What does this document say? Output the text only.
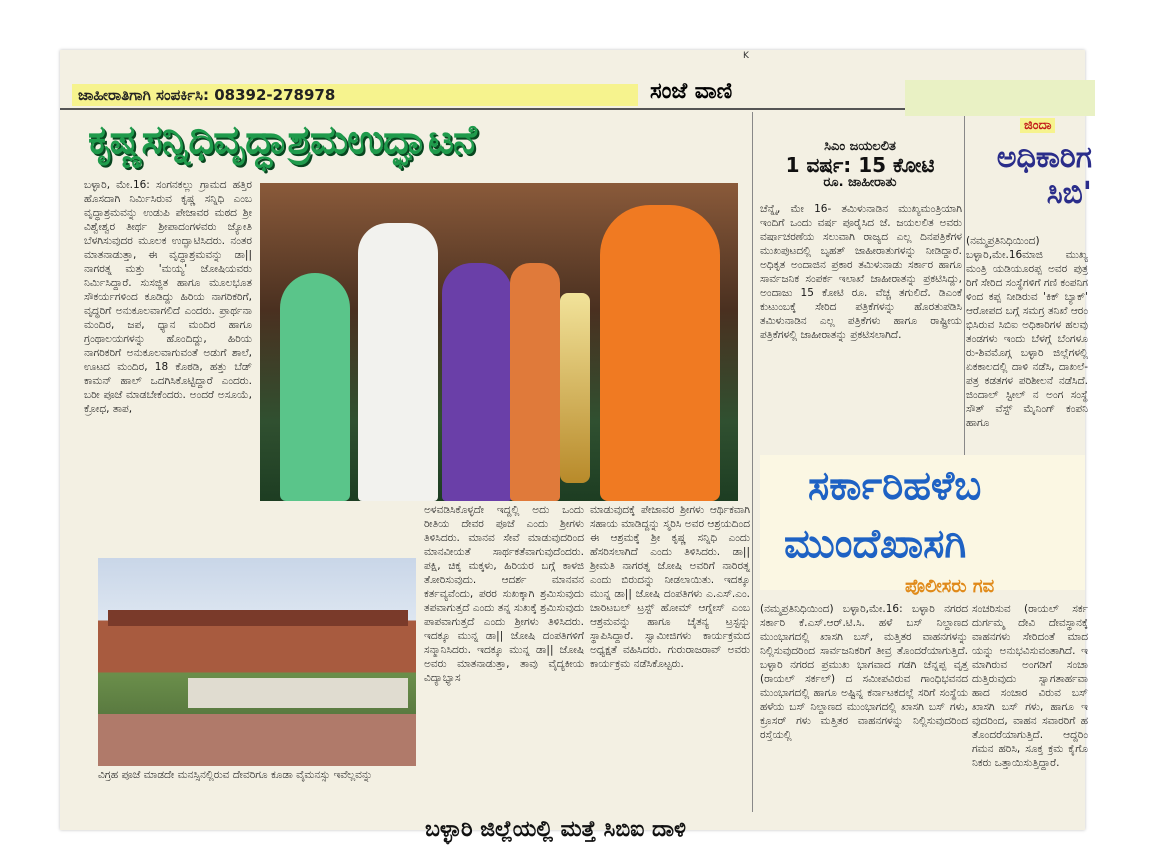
K
ಜಾಹೀರಾತಿಗಾಗಿ ಸಂಪರ್ಕಿಸಿ: 08392-278978	ಸಂಜೆ ವಾಣಿ
ಕೃಷ್ಣಸನ್ನಿಧಿವೃದ್ಧಾಶ್ರಮಉದ್ಘಾಟನೆ
ಬಳ್ಳಾರಿ, ಮೇ.16: ಸಂಗನಕಲ್ಲು ಗ್ರಾಮದ ಹತ್ತಿರ ಹೊಸದಾಗಿ ನಿರ್ಮಿಸಿರುವ ಕೃಷ್ಣ ಸನ್ನಿಧಿ ಎಂಬ ವೃದ್ಧಾಶ್ರಮವನ್ನು ಉಡುಪಿ ಪೇಜಾವರ ಮಠದ ಶ್ರೀ ವಿಶ್ವೇಶ್ವರ ತೀರ್ಥ ಶ್ರೀಪಾದಂಗಳವರು ಜ್ಯೋತಿ ಬೆಳಗಿಸುವುದರ ಮೂಲಕ ಉದ್ಘಾಟಿಸಿದರು. ನಂತರ ಮಾತನಾಡುತ್ತಾ, ಈ ವೃದ್ಧಾಶ್ರಮವನ್ನು ಡಾ|| ನಾಗರತ್ನ ಮತ್ತು 'ಮಯ್ಯ' ಜೋಷಿಯವರು ನಿರ್ಮಿಸಿದ್ದಾರೆ. ಸುಸಜ್ಜಿತ ಹಾಗೂ ಮೂಲಭೂತ ಸೌಕರ್ಯಗಳಿಂದ ಕೂಡಿದ್ದು ಹಿರಿಯ ನಾಗರಿಕರಿಗೆ, ವೃದ್ಧರಿಗೆ ಅನುಕೂಲವಾಗಲಿದೆ ಎಂದರು. ಪ್ರಾರ್ಥನಾ ಮಂದಿರ, ಜಪ, ಧ್ಯಾನ ಮಂದಿರ ಹಾಗೂ ಗ್ರಂಥಾಲಯಗಳನ್ನು ಹೊಂದಿದ್ದು, ಹಿರಿಯ ನಾಗರಿಕರಿಗೆ ಅನುಕೂಲವಾಗುವಂತೆ ಅಡುಗೆ ಶಾಲೆ, ಊಟದ ಮಂದಿರ, 18 ಕೊಠಡಿ, ಹತ್ತು ಬೆಡ್ ಕಾಮನ್ ಹಾಲ್ ಒದಗಿಸಿಕೊಟ್ಟಿದ್ದಾರೆ ಎಂದರು. ಬರೀ ಪೂಜೆ ಮಾಡಬೇಕೆಂದರು. ಅಂದರೆ ಅಸೂಯೆ, ಕ್ರೋಧ, ತಾಪ,
ವಿಗ್ರಹ ಪೂಜೆ ಮಾಡದೇ ಮನಸ್ಸಿನಲ್ಲಿರುವ ದೇವರಿಗೂ ಕೂಡಾ ವೈಮನಸ್ಸು ಇವೆಲ್ಲವನ್ನು
ಅಳವಡಿಸಿಕೊಳ್ಳದೇ ಇದ್ದಲ್ಲಿ ಅದು ಒಂದು ರೀತಿಯ ದೇವರ ಪೂಜೆ ಎಂದು ಶ್ರೀಗಳು ತಿಳಿಸಿದರು. ಮಾನವ ಸೇವೆ ಮಾಡುವುದರಿಂದ ಮಾನವೀಯತೆ ಸಾರ್ಥಕತೆವಾಗುವುದೆಂದರು. ಪಕ್ಷಿ, ಚಿಕ್ಕ ಮಕ್ಕಳು, ಹಿರಿಯರ ಬಗ್ಗೆ ಕಾಳಜಿ ತೋರಿಸುವುದು. ಆದರ್ಶ ಮಾನವನ ಕರ್ತವ್ಯವೆಂದು, ಪರರ ಸುಖಕ್ಕಾಗಿ ಶ್ರಮಿಸುವುದು ತಪವಾಗುತ್ತದೆ ಎಂದು ತನ್ನ ಸುಖಕ್ಕೆ ಶ್ರಮಿಸುವುದು ಪಾಪವಾಗುತ್ತದೆ ಎಂದು ಶ್ರೀಗಳು ತಿಳಿಸಿದರು. ಇದಕ್ಕೂ ಮುನ್ನ ಡಾ|| ಜೋಷಿ ದಂಪತಿಗಳಿಗೆ ಸನ್ಮಾನಿಸಿದರು. ಇದಕ್ಕೂ ಮುನ್ನ ಡಾ|| ಜೋಷಿ ಅವರು ಮಾತನಾಡುತ್ತಾ, ತಾವು ವೈದ್ಯಕೀಯ ವಿದ್ಯಾಭ್ಯಾಸ
ಮಾಡುವುದಕ್ಕೆ ಪೇಜಾವರ ಶ್ರೀಗಳು ಆರ್ಥಿಕವಾಗಿ ಸಹಾಯ ಮಾಡಿದ್ದನ್ನು ಸ್ಮರಿಸಿ ಅವರ ಆಶ್ರಯದಿಂದ ಈ ಆಶ್ರಮಕ್ಕೆ ಶ್ರೀ ಕೃಷ್ಣ ಸನ್ನಿಧಿ ಎಂದು ಹೆಸರಿಸಲಾಗಿದೆ ಎಂದು ತಿಳಿಸಿದರು. ಡಾ|| ಶ್ರೀಮತಿ ನಾಗರತ್ನ ಜೋಷಿ ಅವರಿಗೆ ನಾರಿರತ್ನ ಎಂದು ಬಿರುದನ್ನು ನೀಡಲಾಯಿತು. ಇದಕ್ಕೂ ಮುನ್ನ ಡಾ|| ಜೋಷಿ ದಂಪತಿಗಳು ಎ.ಎಸ್.ಎಂ. ಚಾರಿಟಬಲ್ ಟ್ರಸ್ಟ್ ಹೋಮ್ ಆಗ್ನೇಸ್ ಎಂಬ ಆಶ್ರಮವನ್ನು ಹಾಗೂ ಚೈತನ್ಯ ಟ್ರಸ್ಟನ್ನು ಸ್ಥಾಪಿಸಿದ್ದಾರೆ. ಸ್ವಾಮೀಜಿಗಳು ಕಾರ್ಯಕ್ರಮದ ಅಧ್ಯಕ್ಷತೆ ವಹಿಸಿದರು. ಗುರುರಾಜರಾವ್ ಅವರು ಕಾರ್ಯಕ್ರಮ ನಡೆಸಿಕೊಟ್ಟರು.
ಸಿಎಂ ಜಯಲಲಿತ
1 ವರ್ಷ: 15 ಕೋಟಿ
ರೂ. ಜಾಹೀರಾತು
ಚೆನ್ನೈ, ಮೇ 16- ತಮಿಳುನಾಡಿನ ಮುಖ್ಯಮಂತ್ರಿಯಾಗಿ ಇಂದಿಗೆ ಒಂದು ವರ್ಷ ಪೂರೈಸಿದ ಜೆ. ಜಯಲಲಿತ ಅವರು ವರ್ಷಾಚರಣೆಯ ಸಲುವಾಗಿ ರಾಜ್ಯದ ಎಲ್ಲ ದಿನಪತ್ರಿಕೆಗಳ ಮುಖಪುಟದಲ್ಲಿ ಬೃಹತ್ ಜಾಹೀರಾತುಗಳನ್ನು ನೀಡಿದ್ದಾರೆ. ಅಧಿಕೃತ ಅಂದಾಜಿನ ಪ್ರಕಾರ ತಮಿಳುನಾಡು ಸರ್ಕಾರ ಹಾಗೂ ಸಾರ್ವಜನಿಕ ಸಂಪರ್ಕ ಇಲಾಖೆ ಜಾಹೀರಾತನ್ನು ಪ್ರಕಟಿಸಿದ್ದು, ಅಂದಾಜು 15 ಕೋಟಿ ರೂ. ವೆಚ್ಚ ತಗುಲಿದೆ. ಡಿಎಂಕೆ ಕುಟುಂಬಕ್ಕೆ ಸೇರಿದ ಪತ್ರಿಕೆಗಳನ್ನು ಹೊರತುಪಡಿಸಿ ತಮಿಳುನಾಡಿನ ಎಲ್ಲ ಪತ್ರಿಕೆಗಳು ಹಾಗೂ ರಾಷ್ಟ್ರೀಯ ಪತ್ರಿಕೆಗಳಲ್ಲಿ ಜಾಹೀರಾತನ್ನು ಪ್ರಕಟಿಸಲಾಗಿದೆ.
ಜಿಂದಾ
ಅಧಿಕಾರಿಗ
ಸಿಬಿ'
(ನಮ್ಮಪ್ರತಿನಿಧಿಯಿಂದ) ಬಳ್ಳಾರಿ,ಮೇ.16ಮಾಜಿ ಮುಖ್ಯ ಮಂತ್ರಿ ಯಡಿಯೂರಪ್ಪ ಅವರ ಪುತ್ರ ರಿಗೆ ಸೇರಿದ ಸಂಸ್ಥೆಗಳಿಗೆ ಗಣಿ ಕಂಪನಿಗ ಳಿಂದ ಕಪ್ಪ ನೀಡಿರುವ 'ಕಿಕ್ ಬ್ಯಾಕ್' ಆರೋಪದ ಬಗ್ಗೆ ಸಮಗ್ರ ತನಿಖೆ ಆರಂ ಭಿಸಿರುವ ಸಿಬಿಐ ಅಧಿಕಾರಿಗಳ ಹಲವು ತಂಡಗಳು ಇಂದು ಬೆಳಗ್ಗೆ ಬೆಂಗಳೂ ರು-ಶಿವಮೊಗ್ಗ ಬಳ್ಳಾರಿ ಜಿಲ್ಲೆಗಳಲ್ಲಿ ಏಕಕಾಲದಲ್ಲಿ ದಾಳಿ ನಡೆಸಿ, ದಾಖಲೆ-ಪತ್ರ ಕಡತಗಳ ಪರಿಶೀಲನೆ ನಡೆಸಿದೆ. ಜಿಂದಾಲ್ ಸ್ಟೀಲ್ ನ ಅಂಗ ಸಂಸ್ಥೆ ಸೌತ್ ವೆಸ್ಟ್ ಮೈನಿಂಗ್ ಕಂಪನಿ ಹಾಗೂ
ಸರ್ಕಾರಿಹಳೆಬ
ಮುಂದೆಖಾಸಗಿ
ಪೊಲೀಸರು ಗವ
(ನಮ್ಮಪ್ರತಿನಿಧಿಯಿಂದ) ಬಳ್ಳಾರಿ,ಮೇ.16: ಬಳ್ಳಾರಿ ನಗರದ ಸರ್ಕಾರಿ ಕೆ.ಎಸ್.ಆರ್.ಟಿ.ಸಿ. ಹಳೆ ಬಸ್ ನಿಲ್ದಾಣದ ಮುಂಭಾಗದಲ್ಲಿ ಖಾಸಗಿ ಬಸ್, ಮತ್ತಿತರ ವಾಹನಗಳನ್ನು ನಿಲ್ಲಿಸುವುದರಿಂದ ಸಾರ್ವಜನಿಕರಿಗೆ ತೀವ್ರ ತೊಂದರೆಯಾಗುತ್ತಿದೆ. ಬಳ್ಳಾರಿ ನಗರದ ಪ್ರಮುಖ ಭಾಗವಾದ ಗಡಗಿ ಚೆನ್ನಪ್ಪ ವೃತ್ತ (ರಾಯಲ್ ಸರ್ಕಲ್) ದ ಸಮೀಪವಿರುವ ಗಾಂಧಿಭವನದ ಮುಂಭಾಗದಲ್ಲಿ ಹಾಗೂ ಅಷ್ಟಿನ್ನ ಕರ್ನಾಟಕದಲ್ಲೆ ಸರಿಗೆ ಸಂಸ್ಥೆಯ ಹಳೆಯ ಬಸ್ ನಿಲ್ದಾಣದ ಮುಂಭಾಗದಲ್ಲಿ ಖಾಸಗಿ ಬಸ್ ಗಳು, ಕ್ರೂಸರ್ ಗಳು ಮತ್ತಿತರ ವಾಹನಗಳನ್ನು ನಿಲ್ಲಿಸುವುದರಿಂದ ರಸ್ತೆಯಲ್ಲಿ
ಸಂಚರಿಸುವ (ರಾಯಲ್ ಸರ್ಕ ದುರ್ಗಮ್ಮ ದೇವಿ ದೇವಸ್ಥಾನಕ್ಕೆ ವಾಹನಗಳು ಸೇರಿದಂತೆ ಮಾದ ಯನ್ನು ಅನುಭವಿಸುವಂತಾಗಿದೆ. ಇ ಮಾಗಿರುವ ಅಂಗಡಿಗೆ ಸಂಚಾ ದುತ್ತಿರುವುದು ಸ್ವಾಗತಾರ್ಹವಾ ಹಾದ ಸಂಚಾರ ವಿರುವ ಬಸ್ ಖಾಸಗಿ ಬಸ್ ಗಳು, ಹಾಗೂ ಇ ವುದರಿಂದ, ವಾಹನ ಸವಾರರಿಗೆ ಹ ತೊಂದರೆಯಾಗುತ್ತಿದೆ. ಆದ್ದರಿಂ ಗಮನ ಹರಿಸಿ, ಸೂಕ್ತ ಕ್ರಮ ಕೈಗೊ ನಿಕರು ಒತ್ತಾಯಿಸುತ್ತಿದ್ದಾರೆ.
ಬಳ್ಳಾರಿ ಜಿಲ್ಲೆಯಲ್ಲಿ ಮತ್ತೆ ಸಿಬಿಐ ದಾಳಿ
